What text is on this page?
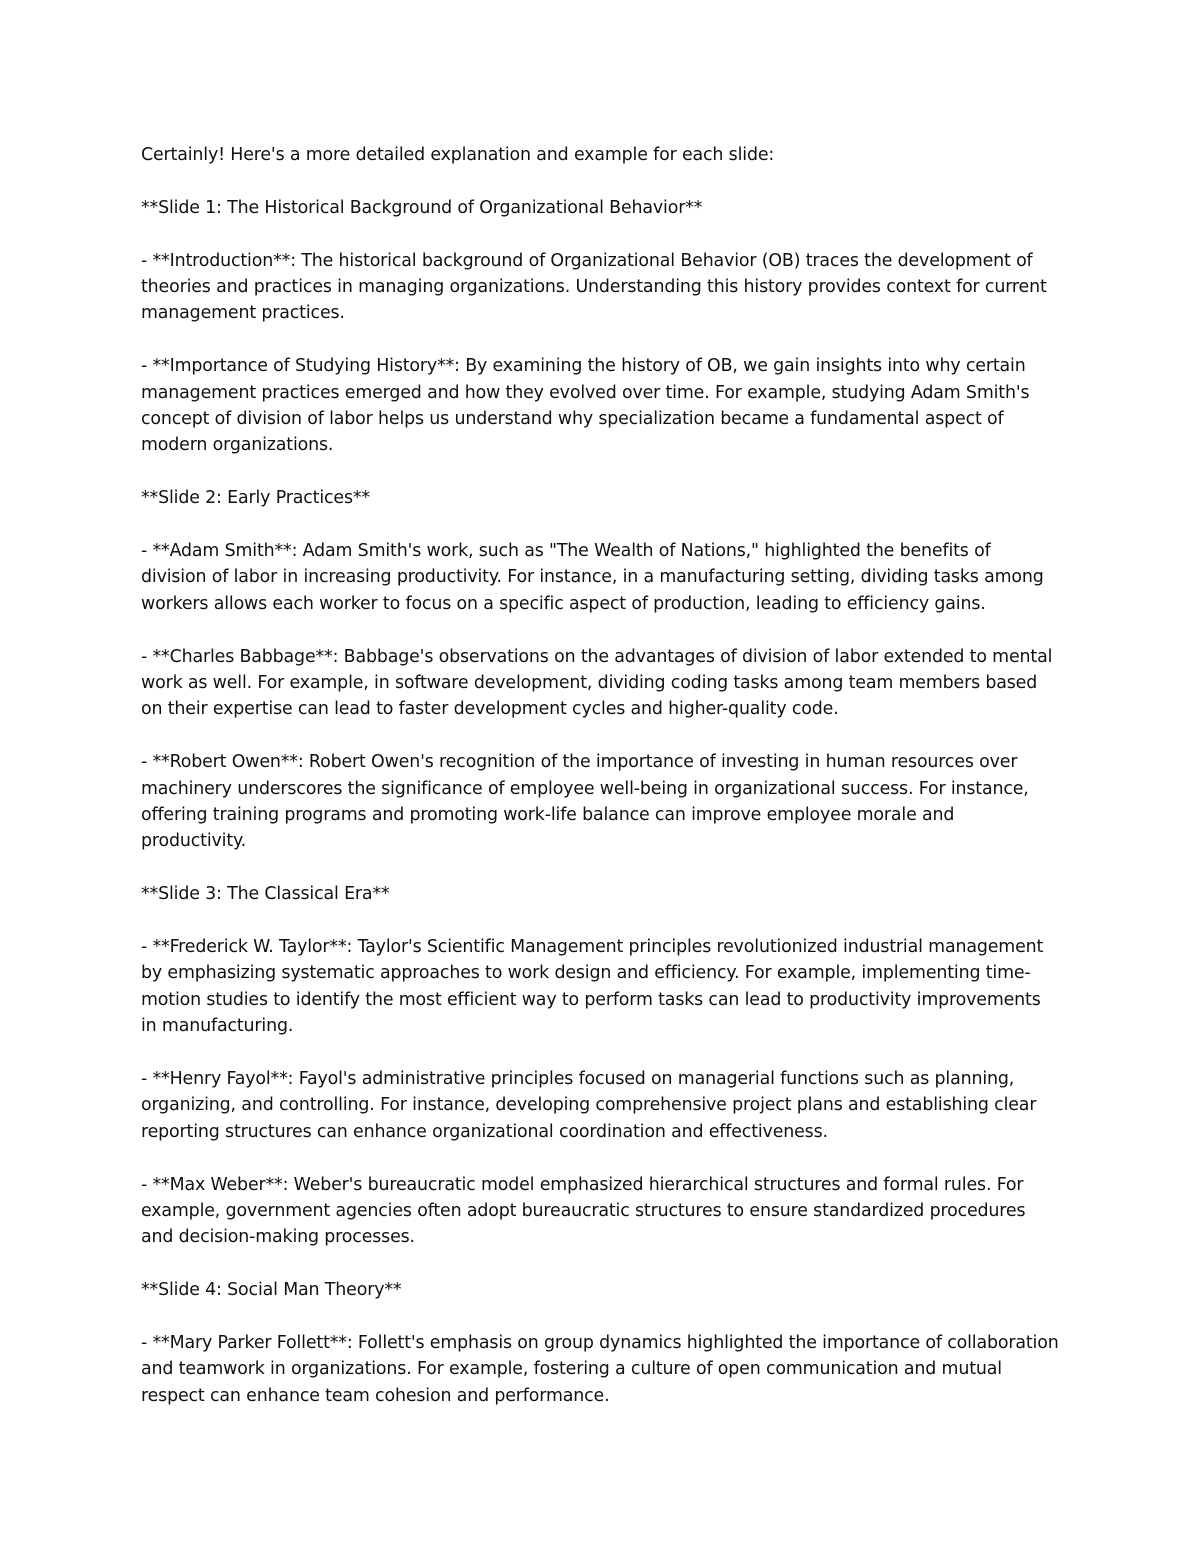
Certainly! Here's a more detailed explanation and example for each slide:

**Slide 1: The Historical Background of Organizational Behavior**

- **Introduction**: The historical background of Organizational Behavior (OB) traces the development of theories and practices in managing organizations. Understanding this history provides context for current management practices.

- **Importance of Studying History**: By examining the history of OB, we gain insights into why certain management practices emerged and how they evolved over time. For example, studying Adam Smith's concept of division of labor helps us understand why specialization became a fundamental aspect of modern organizations.

**Slide 2: Early Practices**

- **Adam Smith**: Adam Smith's work, such as "The Wealth of Nations," highlighted the benefits of division of labor in increasing productivity. For instance, in a manufacturing setting, dividing tasks among workers allows each worker to focus on a specific aspect of production, leading to efficiency gains.

- **Charles Babbage**: Babbage's observations on the advantages of division of labor extended to mental work as well. For example, in software development, dividing coding tasks among team members based on their expertise can lead to faster development cycles and higher-quality code.

- **Robert Owen**: Robert Owen's recognition of the importance of investing in human resources over machinery underscores the significance of employee well-being in organizational success. For instance, offering training programs and promoting work-life balance can improve employee morale and productivity.

**Slide 3: The Classical Era**

- **Frederick W. Taylor**: Taylor's Scientific Management principles revolutionized industrial management by emphasizing systematic approaches to work design and efficiency. For example, implementing time-motion studies to identify the most efficient way to perform tasks can lead to productivity improvements in manufacturing.

- **Henry Fayol**: Fayol's administrative principles focused on managerial functions such as planning, organizing, and controlling. For instance, developing comprehensive project plans and establishing clear reporting structures can enhance organizational coordination and effectiveness.

- **Max Weber**: Weber's bureaucratic model emphasized hierarchical structures and formal rules. For example, government agencies often adopt bureaucratic structures to ensure standardized procedures and decision-making processes.

**Slide 4: Social Man Theory**

- **Mary Parker Follett**: Follett's emphasis on group dynamics highlighted the importance of collaboration and teamwork in organizations. For example, fostering a culture of open communication and mutual respect can enhance team cohesion and performance.
